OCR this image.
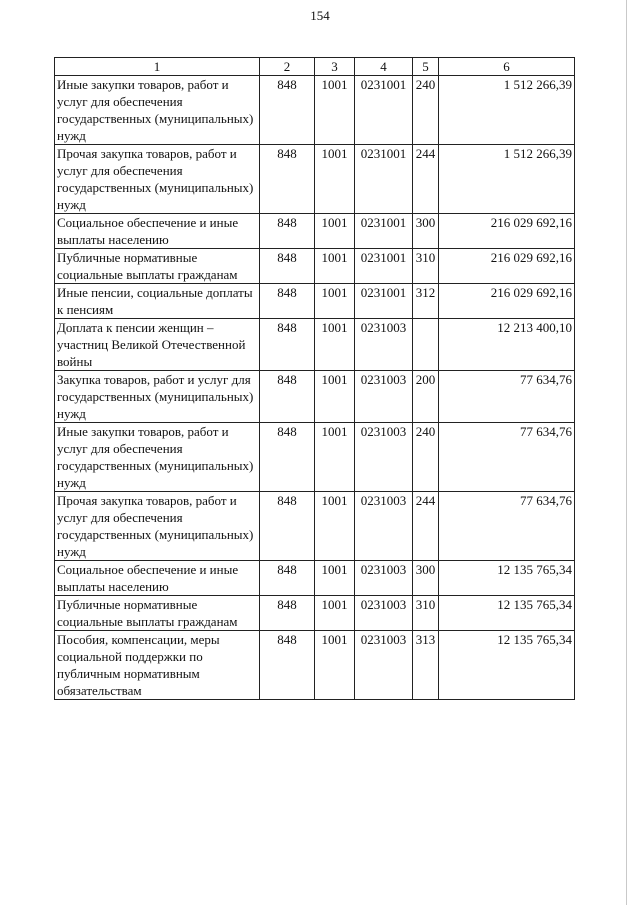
154
1	2	3	4	5	6
Иные закупки товаров, работ и услуг для обеспечения государственных (муниципальных) нужд	848	1001	0231001	240	1 512 266,39
Прочая закупка товаров, работ и услуг для обеспечения государственных (муниципальных) нужд	848	1001	0231001	244	1 512 266,39
Социальное обеспечение и иные выплаты населению	848	1001	0231001	300	216 029 692,16
Публичные нормативные социальные выплаты гражданам	848	1001	0231001	310	216 029 692,16
Иные пенсии, социальные доплаты к пенсиям	848	1001	0231001	312	216 029 692,16
Доплата к пенсии женщин – участниц Великой Отечественной войны	848	1001	0231003		12 213 400,10
Закупка товаров, работ и услуг для государственных (муниципальных) нужд	848	1001	0231003	200	77 634,76
Иные закупки товаров, работ и услуг для обеспечения государственных (муниципальных) нужд	848	1001	0231003	240	77 634,76
Прочая закупка товаров, работ и услуг для обеспечения государственных (муниципальных) нужд	848	1001	0231003	244	77 634,76
Социальное обеспечение и иные выплаты населению	848	1001	0231003	300	12 135 765,34
Публичные нормативные социальные выплаты гражданам	848	1001	0231003	310	12 135 765,34
Пособия, компенсации, меры социальной поддержки по публичным нормативным обязательствам	848	1001	0231003	313	12 135 765,34
